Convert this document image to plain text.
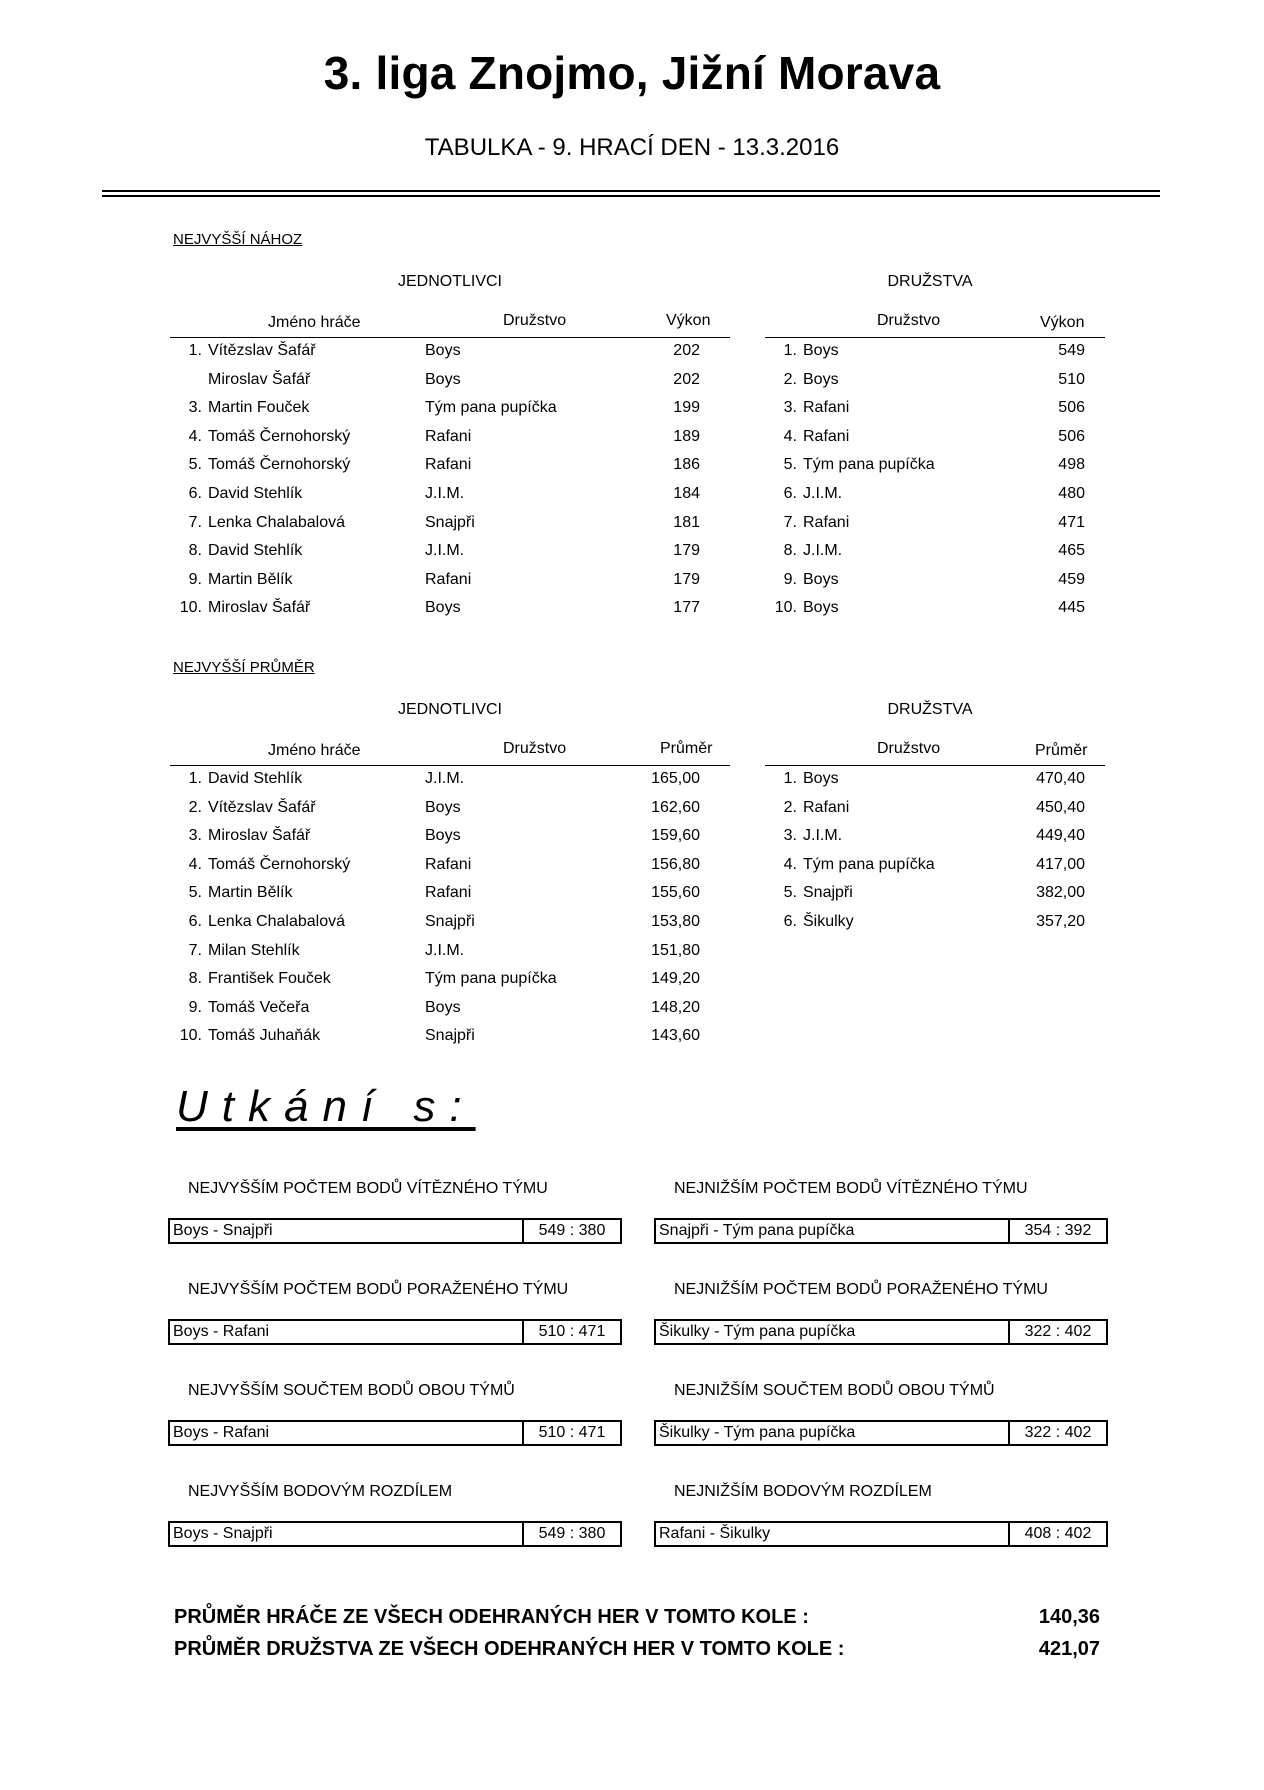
3. liga Znojmo, Jižní Morava
TABULKA - 9. HRACÍ DEN - 13.3.2016
NEJVYŠŠÍ NÁHOZ
JEDNOTLIVCI	DRUŽSTVA
Jméno hráče	Družstvo	Výkon	Družstvo	Výkon
1. Vítězslav Šafář	Boys	202
Miroslav Šafář	Boys	202
3. Martin Fouček	Tým pana pupíčka	199
4. Tomáš Černohorský	Rafani	189
5. Tomáš Černohorský	Rafani	186
6. David Stehlík	J.I.M.	184
7. Lenka Chalabalová	Snajpři	181
8. David Stehlík	J.I.M.	179
9. Martin Bělík	Rafani	179
10. Miroslav Šafář	Boys	177
1. Boys	549
2. Boys	510
3. Rafani	506
4. Rafani	506
5. Tým pana pupíčka	498
6. J.I.M.	480
7. Rafani	471
8. J.I.M.	465
9. Boys	459
10. Boys	445
NEJVYŠŠÍ PRŮMĚR
JEDNOTLIVCI	DRUŽSTVA
Jméno hráče	Družstvo	Průměr	Družstvo	Průměr
1. David Stehlík	J.I.M.	165,00
2. Vítězslav Šafář	Boys	162,60
3. Miroslav Šafář	Boys	159,60
4. Tomáš Černohorský	Rafani	156,80
5. Martin Bělík	Rafani	155,60
6. Lenka Chalabalová	Snajpři	153,80
7. Milan Stehlík	J.I.M.	151,80
8. František Fouček	Tým pana pupíčka	149,20
9. Tomáš Večeřa	Boys	148,20
10. Tomáš Juhaňák	Snajpři	143,60
1. Boys	470,40
2. Rafani	450,40
3. J.I.M.	449,40
4. Tým pana pupíčka	417,00
5. Snajpři	382,00
6. Šikulky	357,20
Utkání s:
NEJVYŠŠÍM POČTEM BODŮ VÍTĚZNÉHO TÝMU
Boys - Snajpři	549 : 380
NEJNIŽŠÍM POČTEM BODŮ VÍTĚZNÉHO TÝMU
Snajpři - Tým pana pupíčka	354 : 392
NEJVYŠŠÍM POČTEM BODŮ PORAŽENÉHO TÝMU
Boys - Rafani	510 : 471
NEJNIŽŠÍM POČTEM BODŮ PORAŽENÉHO TÝMU
Šikulky - Tým pana pupíčka	322 : 402
NEJVYŠŠÍM SOUČTEM BODŮ OBOU TÝMŮ
Boys - Rafani	510 : 471
NEJNIŽŠÍM SOUČTEM BODŮ OBOU TÝMŮ
Šikulky - Tým pana pupíčka	322 : 402
NEJVYŠŠÍM BODOVÝM ROZDÍLEM
Boys - Snajpři	549 : 380
NEJNIŽŠÍM BODOVÝM ROZDÍLEM
Rafani - Šikulky	408 : 402
PRŮMĚR HRÁČE ZE VŠECH ODEHRANÝCH HER V TOMTO KOLE :	140,36
PRŮMĚR DRUŽSTVA ZE VŠECH ODEHRANÝCH HER V TOMTO KOLE :	421,07
